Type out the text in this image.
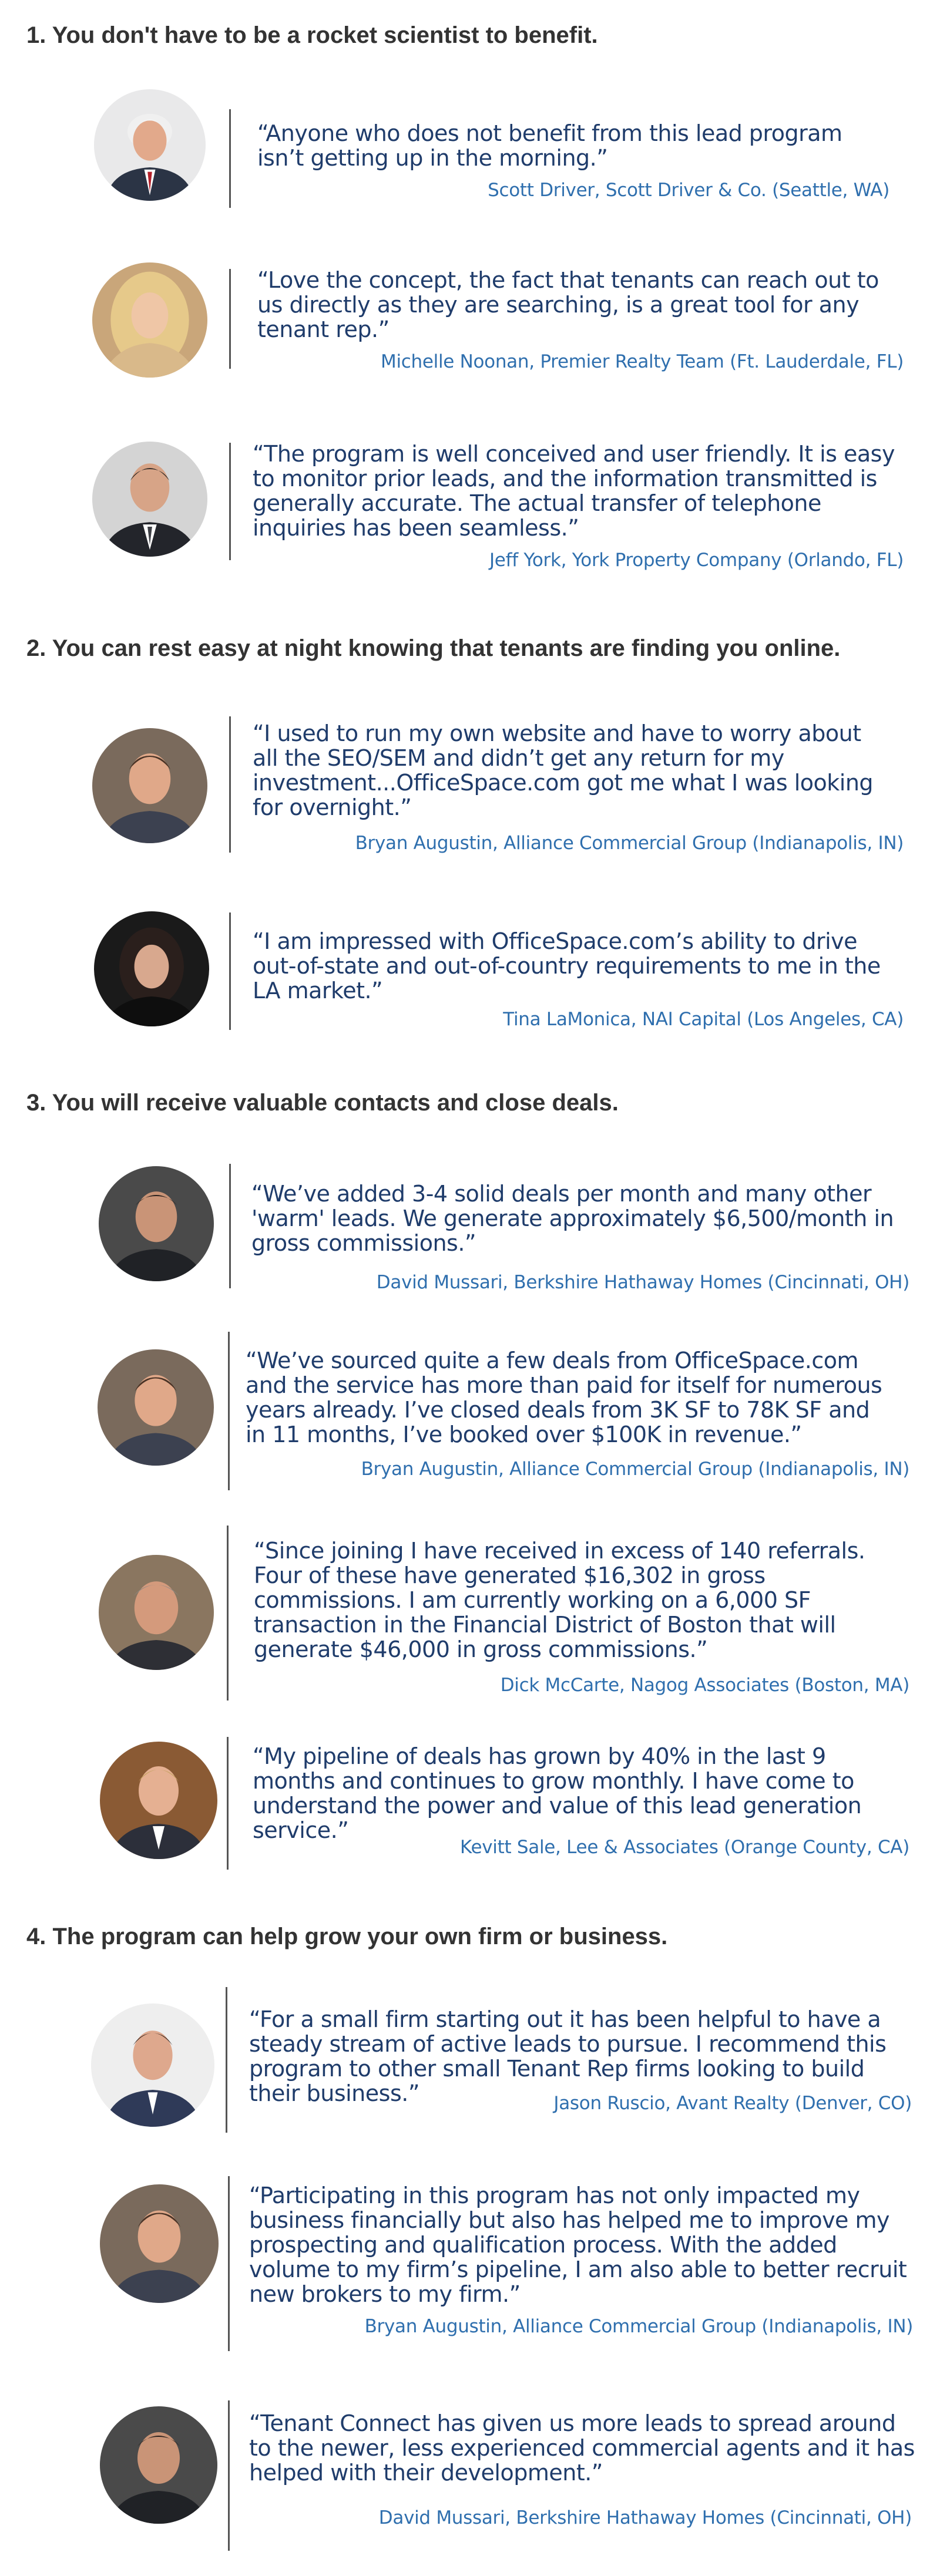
1. You don't have to be a rocket scientist to benefit.

“Anyone who does not benefit from this lead program
isn’t getting up in the morning.”

Scott Driver, Scott Driver & Co. (Seattle, WA)

“Love the concept, the fact that tenants can reach out to
us directly as they are searching, is a great tool for any
tenant rep.”

Michelle Noonan, Premier Realty Team (Ft. Lauderdale, FL)

“The program is well conceived and user friendly. It is easy
to monitor prior leads, and the information transmitted is
generally accurate. The actual transfer of telephone
inquiries has been seamless.”

Jeff York, York Property Company (Orlando, FL)

2. You can rest easy at night knowing that tenants are finding you online.

“I used to run my own website and have to worry about
all the SEO/SEM and didn’t get any return for my
investment...OfficeSpace.com got me what I was looking
for overnight.”

Bryan Augustin, Alliance Commercial Group (Indianapolis, IN)

“I am impressed with OfficeSpace.com’s ability to drive
out-of-state and out-of-country requirements to me in the
LA market.”

Tina LaMonica, NAI Capital (Los Angeles, CA)

3. You will receive valuable contacts and close deals.

“We’ve added 3-4 solid deals per month and many other
'warm' leads. We generate approximately $6,500/month in
gross commissions.”

David Mussari, Berkshire Hathaway Homes (Cincinnati, OH)

“We’ve sourced quite a few deals from OfficeSpace.com
and the service has more than paid for itself for numerous
years already. I’ve closed deals from 3K SF to 78K SF and
in 11 months, I’ve booked over $100K in revenue.”

Bryan Augustin, Alliance Commercial Group (Indianapolis, IN)

“Since joining I have received in excess of 140 referrals.
Four of these have generated $16,302 in gross
commissions. I am currently working on a 6,000 SF
transaction in the Financial District of Boston that will
generate $46,000 in gross commissions.”

Dick McCarte, Nagog Associates (Boston, MA)

“My pipeline of deals has grown by 40% in the last 9
months and continues to grow monthly. I have come to
understand the power and value of this lead generation
service.”

Kevitt Sale, Lee & Associates (Orange County, CA)

4. The program can help grow your own firm or business.

“For a small firm starting out it has been helpful to have a
steady stream of active leads to pursue. I recommend this
program to other small Tenant Rep firms looking to build
their business.”	Jason Ruscio, Avant Realty (Denver, CO)

“Participating in this program has not only impacted my
business financially but also has helped me to improve my
prospecting and qualification process. With the added
volume to my firm’s pipeline, I am also able to better recruit
new brokers to my firm.”

Bryan Augustin, Alliance Commercial Group (Indianapolis, IN)

“Tenant Connect has given us more leads to spread around
to the newer, less experienced commercial agents and it has
helped with their development.”

David Mussari, Berkshire Hathaway Homes (Cincinnati, OH)
